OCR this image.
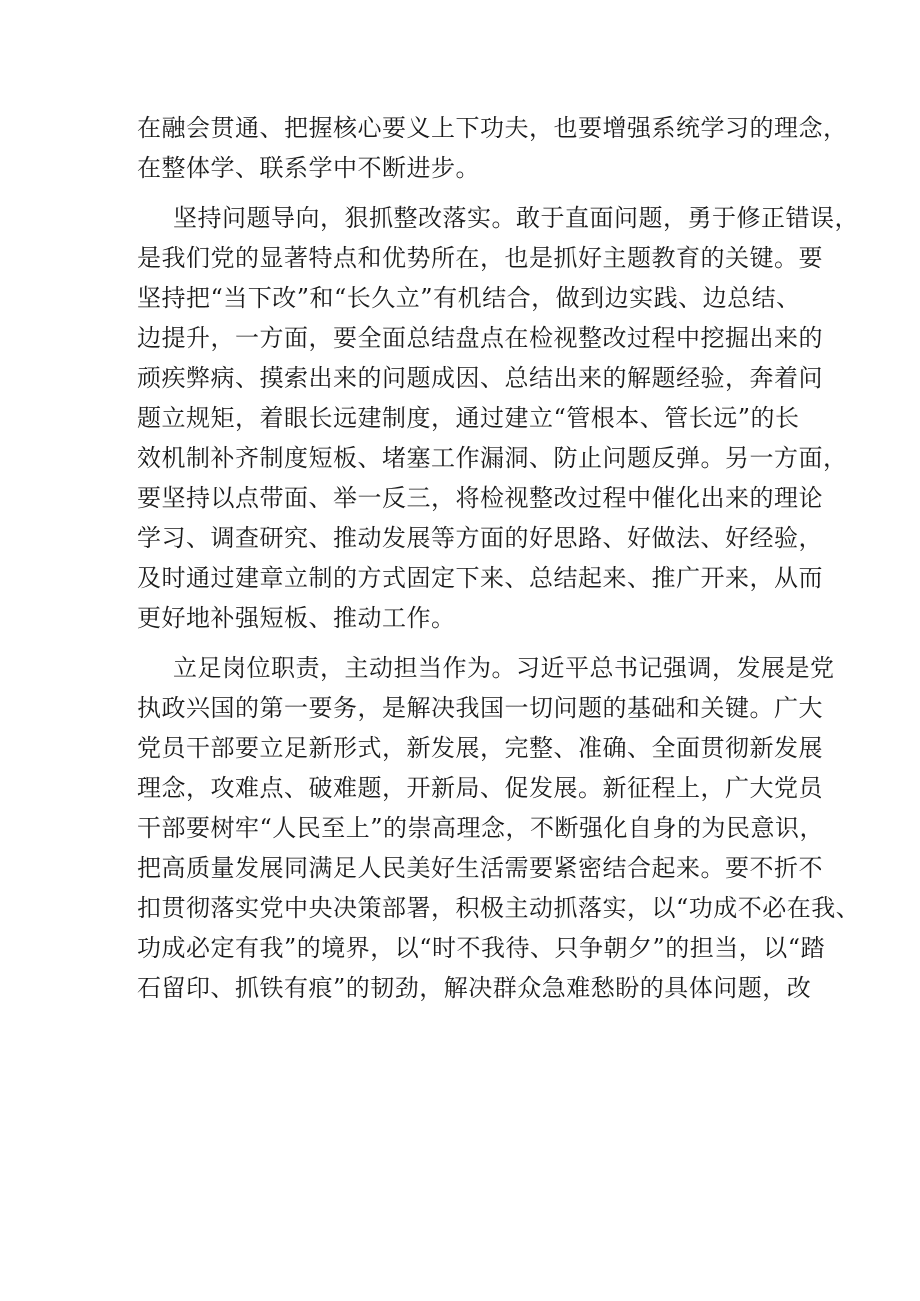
在融会贯通、把握核心要义上下功夫，也要增强系统学习的理念，
在整体学、联系学中不断进步。
坚持问题导向，狠抓整改落实。敢于直面问题，勇于修正错误，
是我们党的显著特点和优势所在，也是抓好主题教育的关键。要
坚持把“当下改”和“长久立”有机结合，做到边实践、边总结、
边提升，一方面，要全面总结盘点在检视整改过程中挖掘出来的
顽疾弊病、摸索出来的问题成因、总结出来的解题经验，奔着问
题立规矩，着眼长远建制度，通过建立“管根本、管长远”的长
效机制补齐制度短板、堵塞工作漏洞、防止问题反弹。另一方面，
要坚持以点带面、举一反三，将检视整改过程中催化出来的理论
学习、调查研究、推动发展等方面的好思路、好做法、好经验，
及时通过建章立制的方式固定下来、总结起来、推广开来，从而
更好地补强短板、推动工作。
立足岗位职责，主动担当作为。习近平总书记强调，发展是党
执政兴国的第一要务，是解决我国一切问题的基础和关键。广大
党员干部要立足新形式，新发展，完整、准确、全面贯彻新发展
理念，攻难点、破难题，开新局、促发展。新征程上，广大党员
干部要树牢“人民至上”的崇高理念，不断强化自身的为民意识，
把高质量发展同满足人民美好生活需要紧密结合起来。要不折不
扣贯彻落实党中央决策部署，积极主动抓落实，以“功成不必在我、
功成必定有我”的境界，以“时不我待、只争朝夕”的担当，以“踏
石留印、抓铁有痕”的韧劲，解决群众急难愁盼的具体问题，改
